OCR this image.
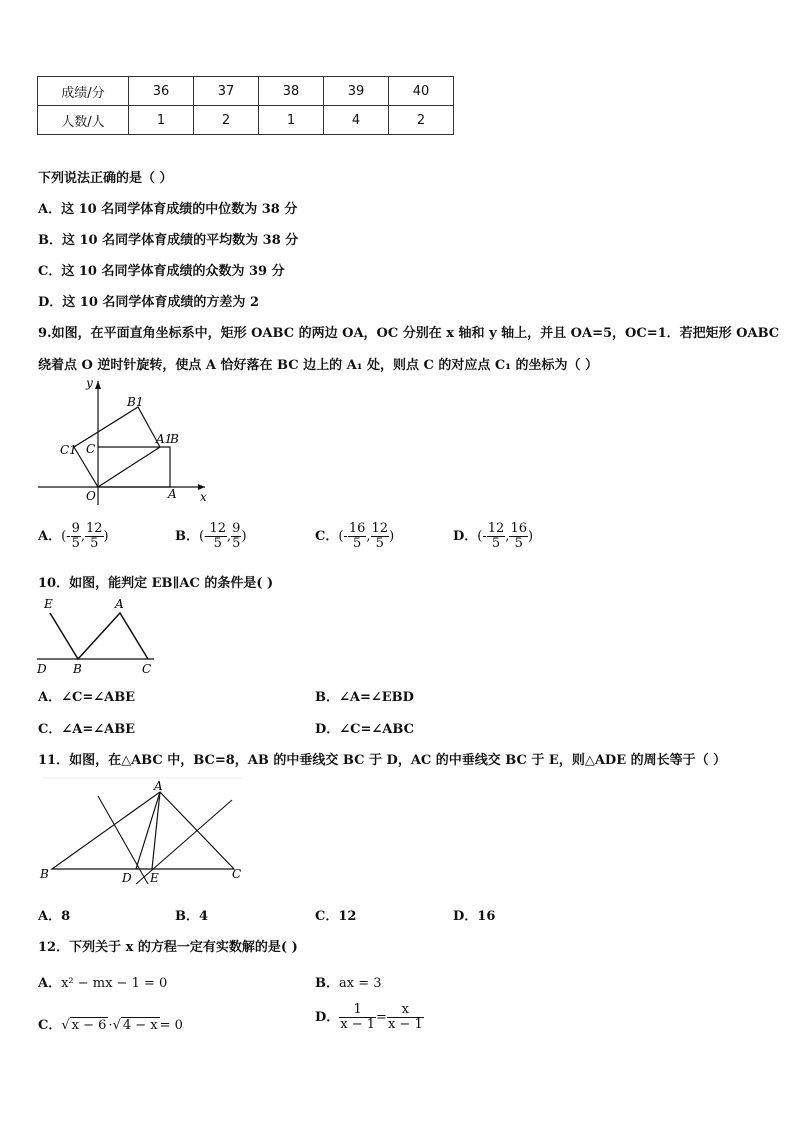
成绩/分	36	37	38	39	40
人数/人	1	2	1	4	2
下列说法正确的是（ ）
A．这 10 名同学体育成绩的中位数为 38 分
B．这 10 名同学体育成绩的平均数为 38 分
C．这 10 名同学体育成绩的众数为 39 分
D．这 10 名同学体育成绩的方差为 2
9.如图，在平面直角坐标系中，矩形 OABC 的两边 OA，OC 分别在 x 轴和 y 轴上，并且 OA=5，OC=1．若把矩形 OABC
绕着点 O 逆时针旋转，使点 A 恰好落在 BC 边上的 A₁ 处，则点 C 的对应点 C₁ 的坐标为（ ）
y
x
O	A
B
C
A1
B1
C1
A．(- $\frac{9}{5}$ , $\frac{12}{5}$ )	B．(- $\frac{12}{5}$ , $\frac{9}{5}$ )	C．(- $\frac{16}{5}$ , $\frac{12}{5}$ )	D．(- $\frac{12}{5}$ , $\frac{16}{5}$ )
10．如图，能判定 EB∥AC 的条件是( )
E	A
D B	C
A．∠C=∠ABE	B．∠A=∠EBD
C．∠A=∠ABE	D．∠C=∠ABC
11．如图，在△ABC 中，BC=8，AB 的中垂线交 BC 于 D，AC 的中垂线交 BC 于 E，则△ADE 的周长等于（ ）
A
B	C
D E
A．8	B．4	C．12	D．16
12．下列关于 x 的方程一定有实数解的是( )
A．x² − mx − 1 = 0	B．ax = 3
C．√ x − 6 ·√ 4 − x = 0
D． $\frac{1}{x - 1} = \frac{x}{x - 1}$
